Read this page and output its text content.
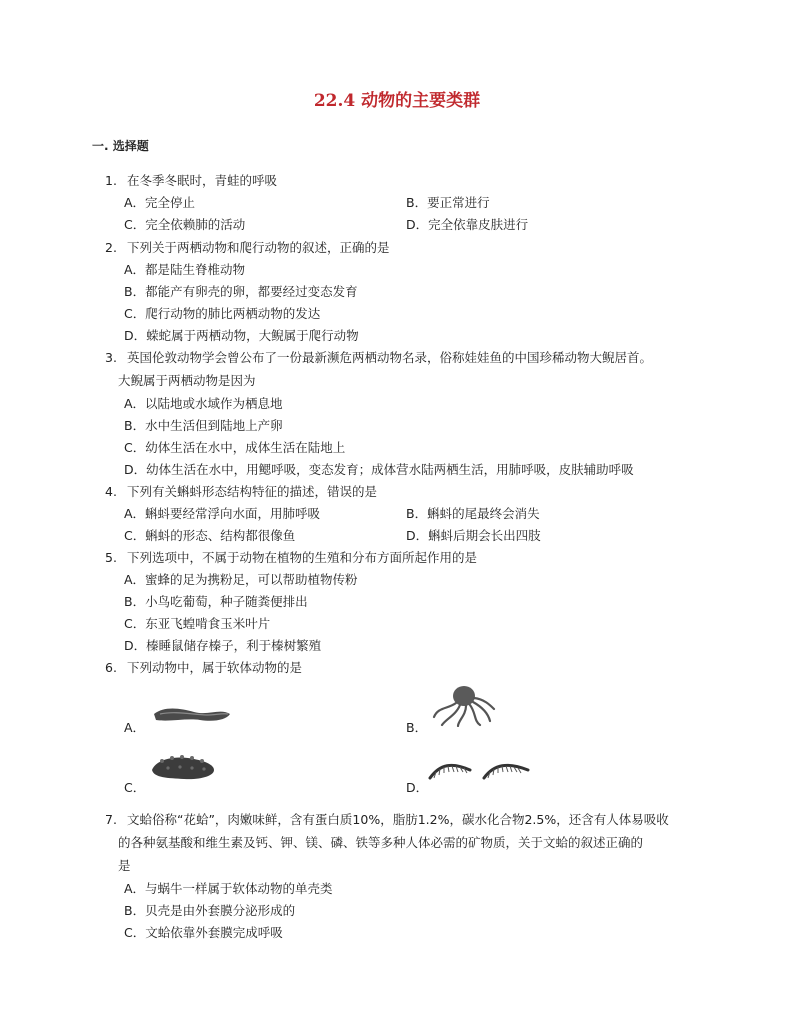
22.4 动物的主要类群
一. 选择题
1. 在冬季冬眠时，青蛙的呼吸
A．完全停止	B．要正常进行
C．完全依赖肺的活动	D．完全依靠皮肤进行
2. 下列关于两栖动物和爬行动物的叙述，正确的是
A．都是陆生脊椎动物
B．都能产有卵壳的卵，都要经过变态发育
C．爬行动物的肺比两栖动物的发达
D．蝾蛇属于两栖动物，大鲵属于爬行动物
3. 英国伦敦动物学会曾公布了一份最新濒危两栖动物名录，俗称娃娃鱼的中国珍稀动物大鲵居首。
大鲵属于两栖动物是因为
A．以陆地或水域作为栖息地
B．水中生活但到陆地上产卵
C．幼体生活在水中，成体生活在陆地上
D．幼体生活在水中，用鳃呼吸，变态发育；成体营水陆两栖生活，用肺呼吸，皮肤辅助呼吸
4. 下列有关蝌蚪形态结构特征的描述，错误的是
A．蝌蚪要经常浮向水面，用肺呼吸	B．蝌蚪的尾最终会消失
C．蝌蚪的形态、结构都很像鱼	D．蝌蚪后期会长出四肢
5. 下列选项中，不属于动物在植物的生殖和分布方面所起作用的是
A．蜜蜂的足为携粉足，可以帮助植物传粉
B．小鸟吃葡萄，种子随粪便排出
C．东亚飞蝗啃食玉米叶片
D．榛睡鼠储存榛子，利于榛树繁殖
6. 下列动物中，属于软体动物的是
A．	B．
C．	D．
7. 文蛤俗称“花蛤”，肉嫩味鲜，含有蛋白质10%，脂肪1.2%，碳水化合物2.5%，还含有人体易吸收
的各种氨基酸和维生素及钙、钾、镁、磷、铁等多种人体必需的矿物质，关于文蛤的叙述正确的
是
A．与蜗牛一样属于软体动物的单壳类
B．贝壳是由外套膜分泌形成的
C．文蛤依靠外套膜完成呼吸
